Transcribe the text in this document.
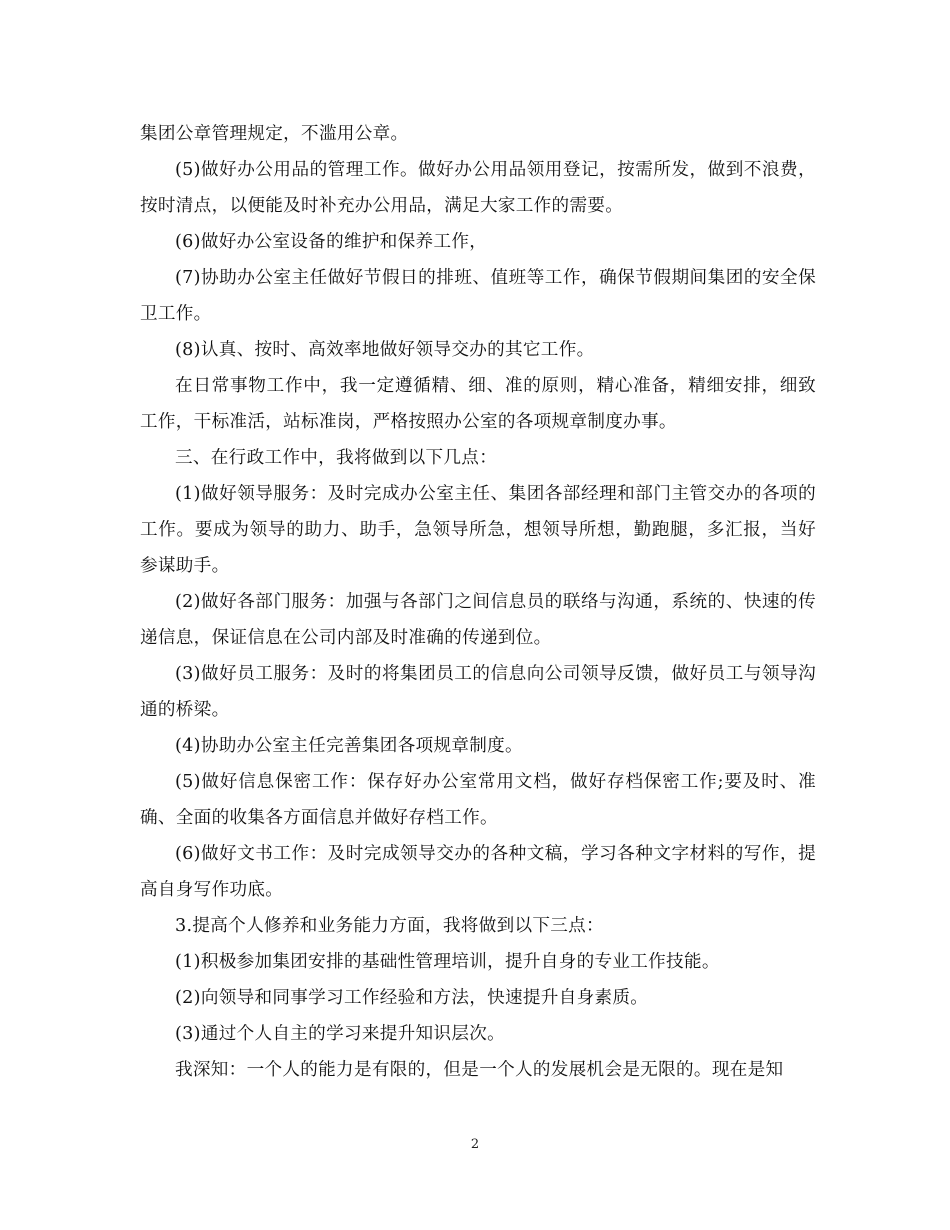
集团公章管理规定，不滥用公章。

(5)做好办公用品的管理工作。做好办公用品领用登记，按需所发，做到不浪费，按时清点，以便能及时补充办公用品，满足大家工作的需要。

(6)做好办公室设备的维护和保养工作，

(7)协助办公室主任做好节假日的排班、值班等工作，确保节假期间集团的安全保卫工作。

(8)认真、按时、高效率地做好领导交办的其它工作。

在日常事物工作中，我一定遵循精、细、准的原则，精心准备，精细安排，细致工作，干标准活，站标准岗，严格按照办公室的各项规章制度办事。

三、在行政工作中，我将做到以下几点：

(1)做好领导服务：及时完成办公室主任、集团各部经理和部门主管交办的各项的工作。要成为领导的助力、助手，急领导所急，想领导所想，勤跑腿，多汇报，当好参谋助手。

(2)做好各部门服务：加强与各部门之间信息员的联络与沟通，系统的、快速的传递信息，保证信息在公司内部及时准确的传递到位。

(3)做好员工服务：及时的将集团员工的信息向公司领导反馈，做好员工与领导沟通的桥梁。

(4)协助办公室主任完善集团各项规章制度。

(5)做好信息保密工作：保存好办公室常用文档，做好存档保密工作;要及时、准确、全面的收集各方面信息并做好存档工作。

(6)做好文书工作：及时完成领导交办的各种文稿，学习各种文字材料的写作，提高自身写作功底。

3.提高个人修养和业务能力方面，我将做到以下三点：

(1)积极参加集团安排的基础性管理培训，提升自身的专业工作技能。

(2)向领导和同事学习工作经验和方法，快速提升自身素质。

(3)通过个人自主的学习来提升知识层次。

我深知：一个人的能力是有限的，但是一个人的发展机会是无限的。现在是知

2
